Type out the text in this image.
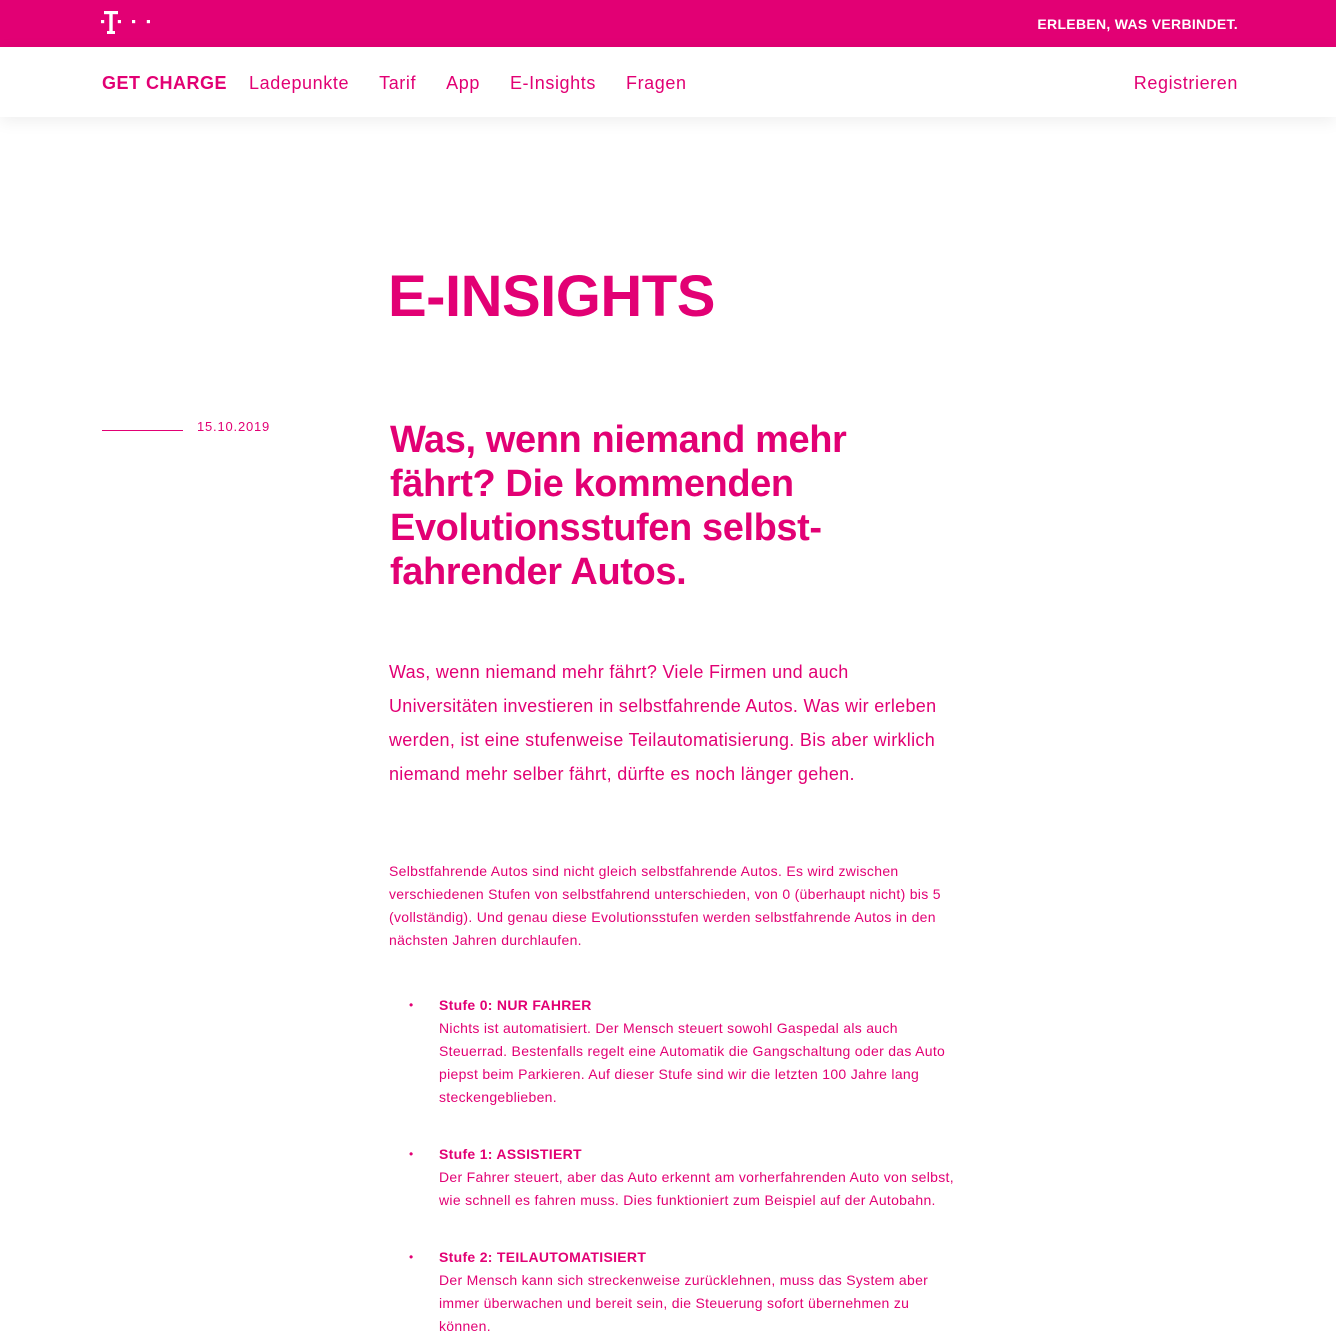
ERLEBEN, WAS VERBINDET.
GET CHARGE Ladepunkte Tarif App E-Insights Fragen	Registrieren
E-INSIGHTS
15.10.2019	Was, wenn niemand mehr fährt? Die kommenden Evolutionsstufen selbstfahrender Autos.

Was, wenn niemand mehr fährt? Viele Firmen und auch Universitäten investieren in selbstfahrende Autos. Was wir erleben werden, ist eine stufenweise Teilautomatisierung. Bis aber wirklich niemand mehr selber fährt, dürfte es noch länger gehen.

Selbstfahrende Autos sind nicht gleich selbstfahrende Autos. Es wird zwischen verschiedenen Stufen von selbstfahrend unterschieden, von 0 (überhaupt nicht) bis 5 (vollständig). Und genau diese Evolutionsstufen werden selbstfahrende Autos in den nächsten Jahren durchlaufen.

• Stufe 0: NUR FAHRER
Nichts ist automatisiert. Der Mensch steuert sowohl Gaspedal als auch Steuerrad. Bestenfalls regelt eine Automatik die Gangschaltung oder das Auto piepst beim Parkieren. Auf dieser Stufe sind wir die letzten 100 Jahre lang steckengeblieben.
• Stufe 1: ASSISTIERT
Der Fahrer steuert, aber das Auto erkennt am vorherfahrenden Auto von selbst, wie schnell es fahren muss. Dies funktioniert zum Beispiel auf der Autobahn.
• Stufe 2: TEILAUTOMATISIERT
Der Mensch kann sich streckenweise zurücklehnen, muss das System aber immer überwachen und bereit sein, die Steuerung sofort übernehmen zu können.
